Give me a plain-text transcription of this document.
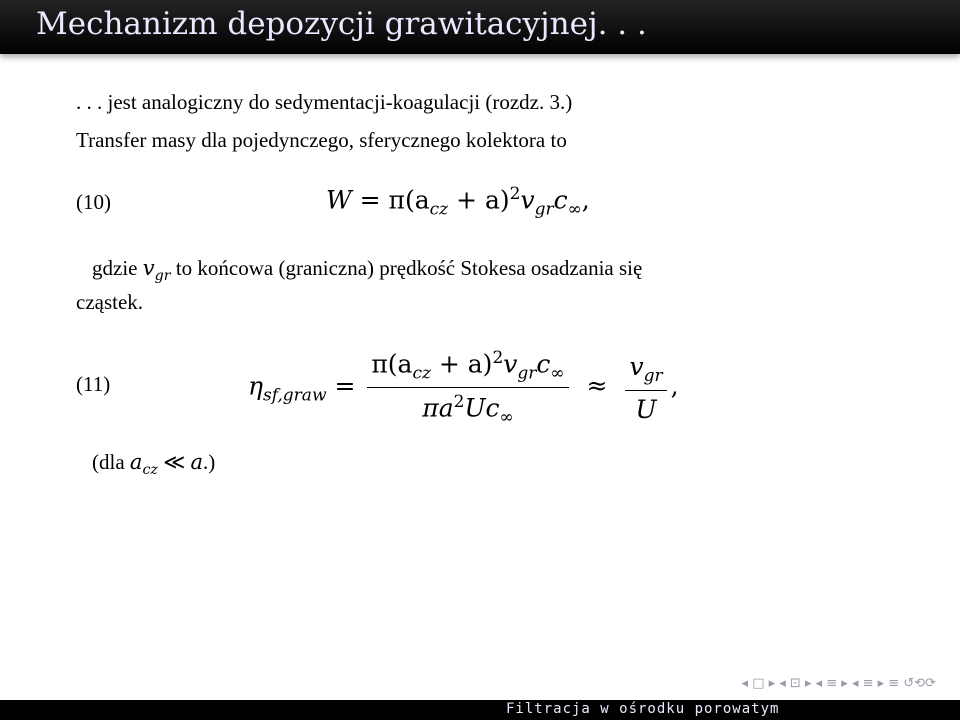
Mechanizm depozycji grawitacyjnej. . .
. . . jest analogiczny do sedymentacji-koagulacji (rozdz. 3.)
Transfer masy dla pojedynczego, sferycznego kolektora to
(10)	$W = \pi(a_{cz} + a)^2v_{gr}c_\infty$,
gdzie $v_{gr}$ to końcowa (graniczna) prędkość Stokesa osadzania się
cząstek.
(11)	$\eta_{sf,graw} = \frac{\pi(a_{cz} + a)^2v_{gr}c_\infty}{\pi a^2Uc_\infty} \approx \frac{v_{gr}}{U}$ ,
(dla $a_{cz}$ ≪ a.)
◂ □ ▸ ◂ ⊡ ▸ ◂ ≡ ▸ ◂ ≡ ▸ ≡ ↺⟲⟳
Filtracja w ośrodku porowatym
